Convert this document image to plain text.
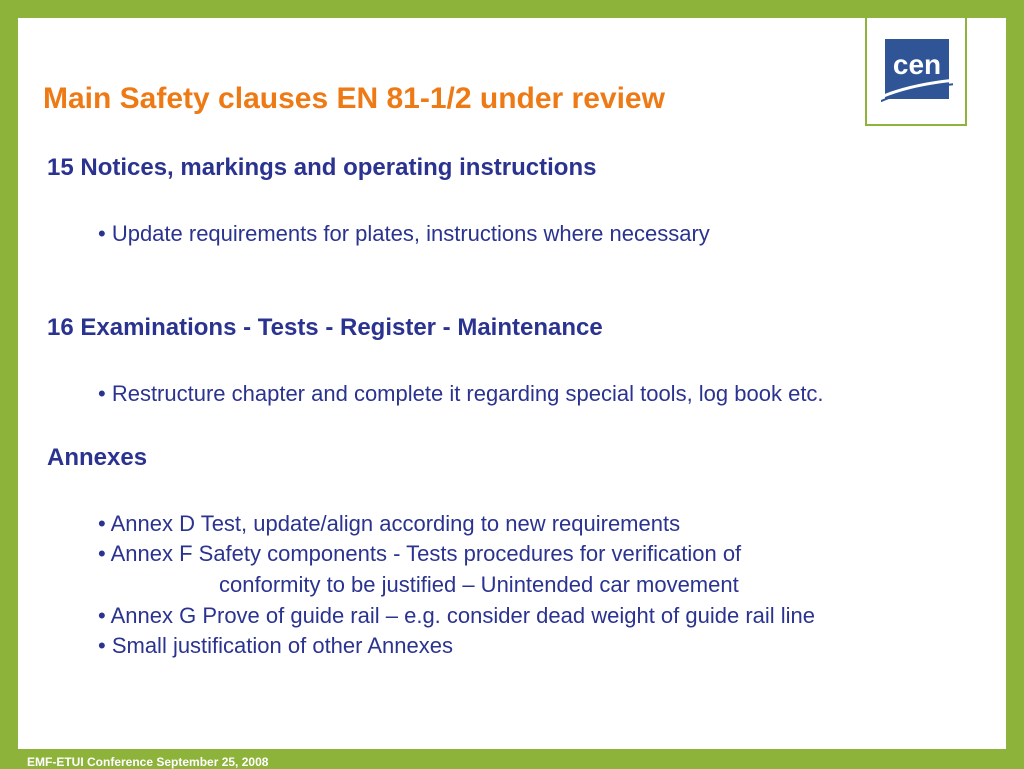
cen
Main Safety clauses EN 81-1/2 under review
15 Notices, markings and operating instructions

• Update requirements for plates, instructions where necessary

16 Examinations - Tests - Register - Maintenance

• Restructure chapter and complete it regarding special tools, log book etc.

Annexes

• Annex D Test, update/align according to new requirements

• Annex F Safety components - Tests procedures for verification of

conformity to be justified – Unintended car movement

• Annex G Prove of guide rail – e.g. consider dead weight of guide rail line

• Small justification of other Annexes

EMF-ETUI Conference September 25, 2008
